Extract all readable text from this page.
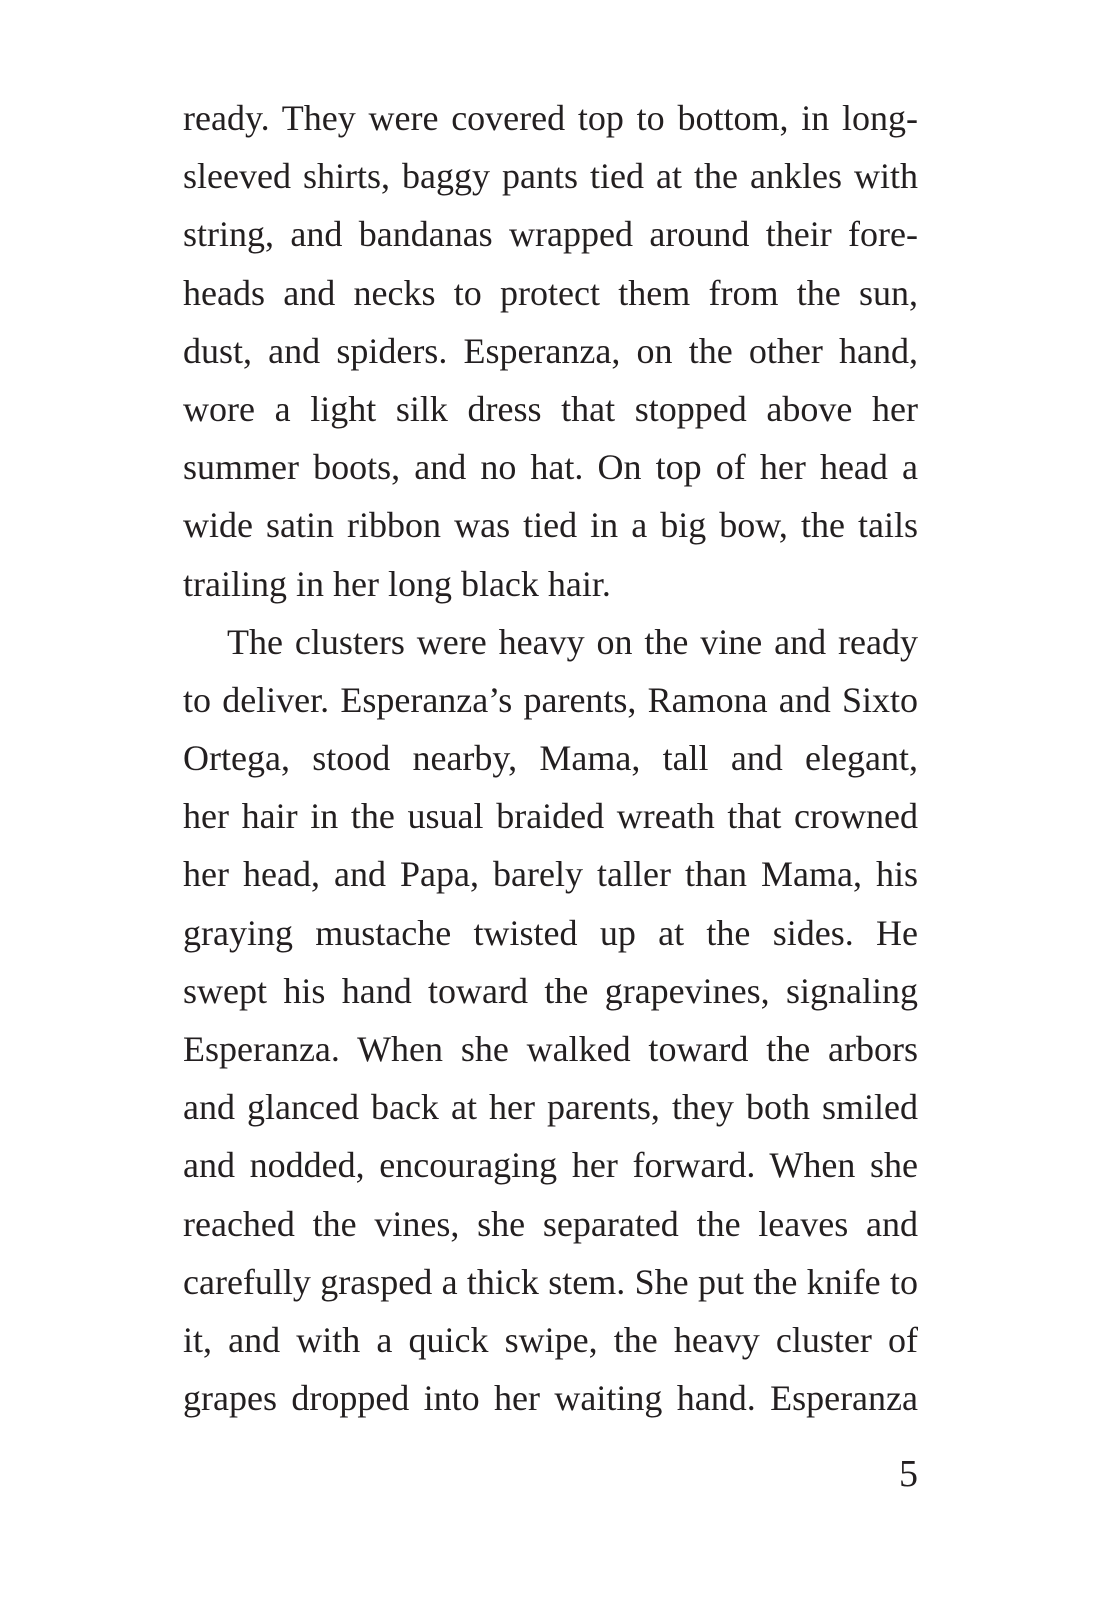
ready. They were covered top to bottom, in long-
sleeved shirts, baggy pants tied at the ankles with
string, and bandanas wrapped around their fore-
heads and necks to protect them from the sun,
dust, and spiders. Esperanza, on the other hand,
wore a light silk dress that stopped above her
summer boots, and no hat. On top of her head a
wide satin ribbon was tied in a big bow, the tails
trailing in her long black hair.
The clusters were heavy on the vine and ready
to deliver. Esperanza’s parents, Ramona and Sixto
Ortega, stood nearby, Mama, tall and elegant,
her hair in the usual braided wreath that crowned
her head, and Papa, barely taller than Mama, his
graying mustache twisted up at the sides. He
swept his hand toward the grapevines, signaling
Esperanza. When she walked toward the arbors
and glanced back at her parents, they both smiled
and nodded, encouraging her forward. When she
reached the vines, she separated the leaves and
carefully grasped a thick stem. She put the knife to
it, and with a quick swipe, the heavy cluster of
grapes dropped into her waiting hand. Esperanza
5
